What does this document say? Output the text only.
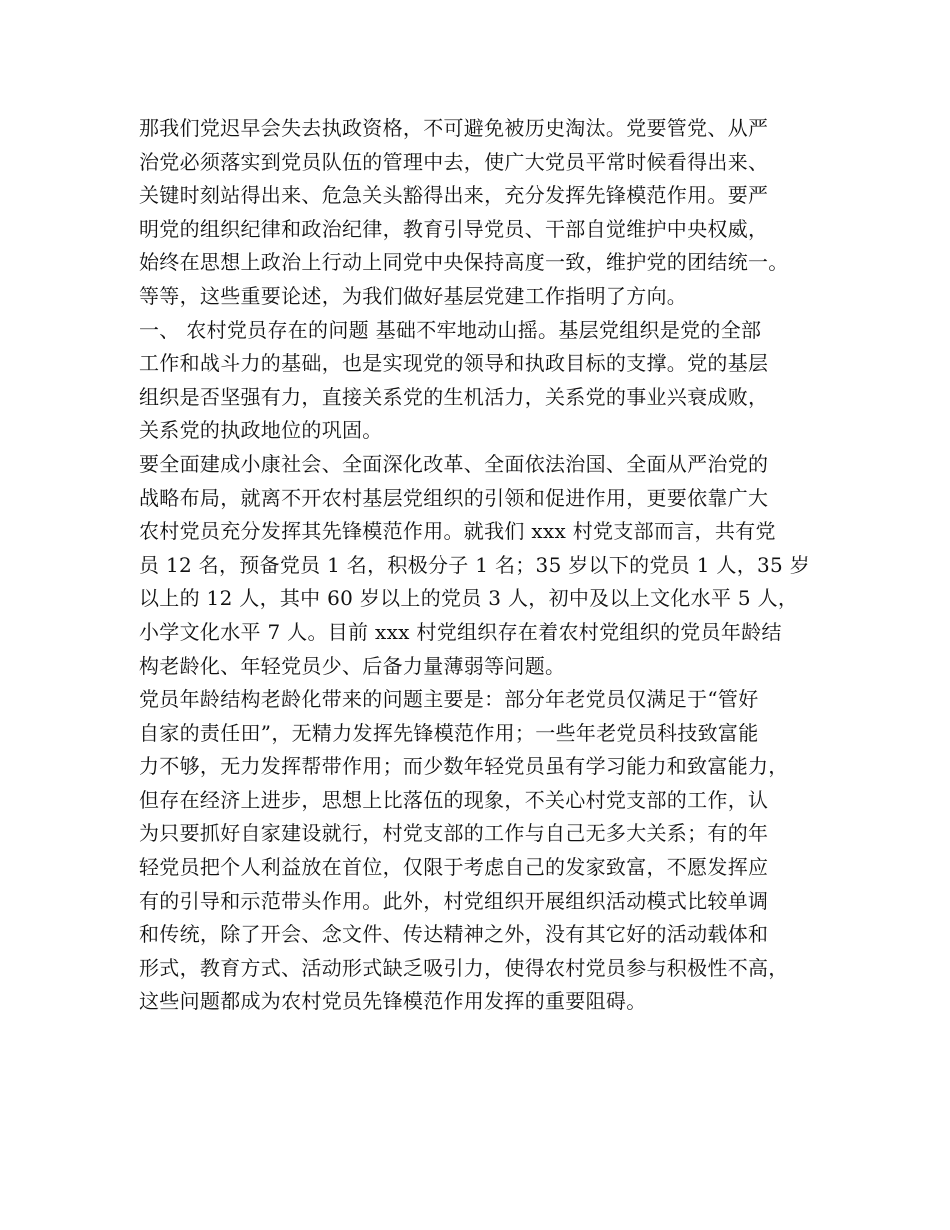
那我们党迟早会失去执政资格，不可避免被历史淘汰。党要管党、从严
治党必须落实到党员队伍的管理中去，使广大党员平常时候看得出来、
关键时刻站得出来、危急关头豁得出来，充分发挥先锋模范作用。要严
明党的组织纪律和政治纪律，教育引导党员、干部自觉维护中央权威，
始终在思想上政治上行动上同党中央保持高度一致，维护党的团结统一。
等等，这些重要论述，为我们做好基层党建工作指明了方向。
一、 农村党员存在的问题 基础不牢地动山摇。基层党组织是党的全部
工作和战斗力的基础，也是实现党的领导和执政目标的支撑。党的基层
组织是否坚强有力，直接关系党的生机活力，关系党的事业兴衰成败，
关系党的执政地位的巩固。
要全面建成小康社会、全面深化改革、全面依法治国、全面从严治党的
战略布局，就离不开农村基层党组织的引领和促进作用，更要依靠广大
农村党员充分发挥其先锋模范作用。就我们 xxx 村党支部而言，共有党
员 12 名，预备党员 1 名，积极分子 1 名；35 岁以下的党员 1 人，35 岁
以上的 12 人，其中 60 岁以上的党员 3 人，初中及以上文化水平 5 人，
小学文化水平 7 人。目前 xxx 村党组织存在着农村党组织的党员年龄结
构老龄化、年轻党员少、后备力量薄弱等问题。
党员年龄结构老龄化带来的问题主要是：部分年老党员仅满足于“管好
自家的责任田”，无精力发挥先锋模范作用；一些年老党员科技致富能
力不够，无力发挥帮带作用；而少数年轻党员虽有学习能力和致富能力，
但存在经济上进步，思想上比落伍的现象，不关心村党支部的工作，认
为只要抓好自家建设就行，村党支部的工作与自己无多大关系；有的年
轻党员把个人利益放在首位，仅限于考虑自己的发家致富，不愿发挥应
有的引导和示范带头作用。此外，村党组织开展组织活动模式比较单调
和传统，除了开会、念文件、传达精神之外，没有其它好的活动载体和
形式，教育方式、活动形式缺乏吸引力，使得农村党员参与积极性不高，
这些问题都成为农村党员先锋模范作用发挥的重要阻碍。
